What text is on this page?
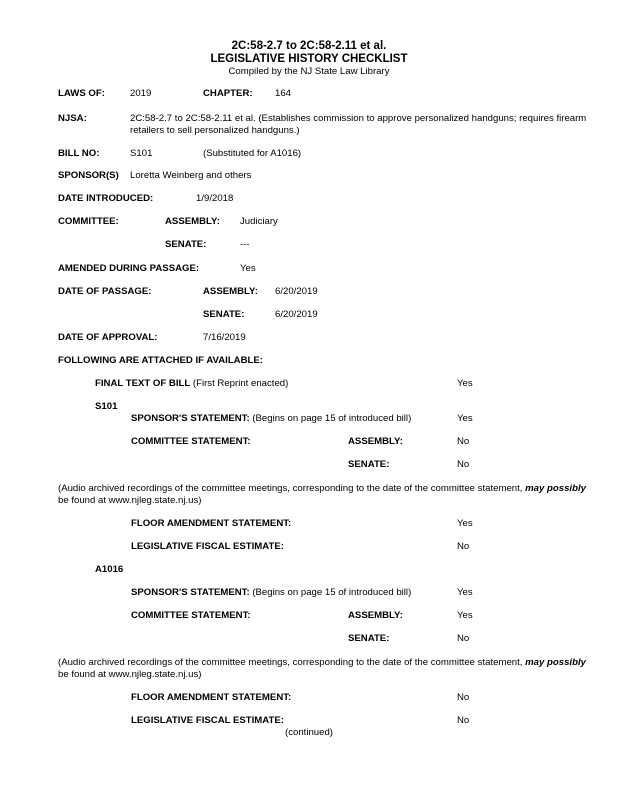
2C:58-2.7 to 2C:58-2.11 et al.
LEGISLATIVE HISTORY CHECKLIST
Compiled by the NJ State Law Library
LAWS OF:	2019	CHAPTER: 164
NJSA:	2C:58-2.7 to 2C:58-2.11 et al. (Establishes commission to approve personalized handguns; requires firearm
retailers to sell personalized handguns.)
BILL NO:	S101	(Substituted for A1016)
SPONSOR(S) Loretta Weinberg and others
DATE INTRODUCED:	1/9/2018
COMMITTEE:	ASSEMBLY: Judiciary
SENATE:	---
AMENDED DURING PASSAGE:	Yes
DATE OF PASSAGE:	ASSEMBLY: 6/20/2019
SENATE:	6/20/2019
DATE OF APPROVAL:	7/16/2019
FOLLOWING ARE ATTACHED IF AVAILABLE:
FINAL TEXT OF BILL (First Reprint enacted)	Yes
S101
SPONSOR'S STATEMENT: (Begins on page 15 of introduced bill)	Yes
COMMITTEE STATEMENT:	ASSEMBLY:	No
SENATE:	No
(Audio archived recordings of the committee meetings, corresponding to the date of the committee statement, may possibly
be found at www.njleg.state.nj.us)
FLOOR AMENDMENT STATEMENT:	Yes
LEGISLATIVE FISCAL ESTIMATE:	No
A1016
SPONSOR'S STATEMENT: (Begins on page 15 of introduced bill)	Yes
COMMITTEE STATEMENT:	ASSEMBLY:	Yes
SENATE:	No
(Audio archived recordings of the committee meetings, corresponding to the date of the committee statement, may possibly
be found at www.njleg.state.nj.us)
FLOOR AMENDMENT STATEMENT:	No
LEGISLATIVE FISCAL ESTIMATE:	No
(continued)
